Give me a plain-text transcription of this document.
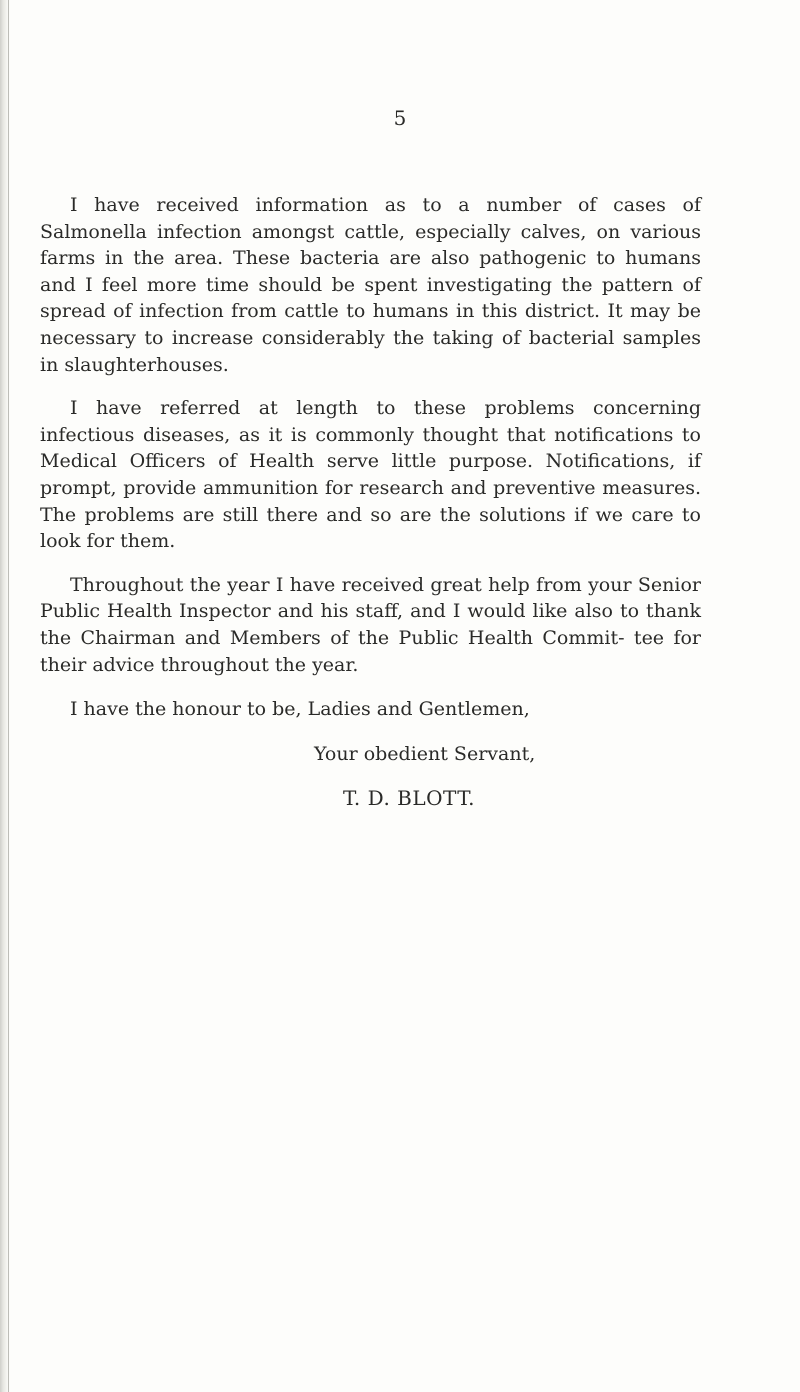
5

I have received information as to a number of cases of Salmonella infection amongst cattle, especially calves, on various farms in the area. These bacteria are also pathogenic to humans and I feel more time should be spent investigating the pattern of spread of infection from cattle to humans in this district. It may be necessary to increase considerably the taking of bacterial samples in slaughterhouses.

I have referred at length to these problems concerning infectious diseases, as it is commonly thought that notifications to Medical Officers of Health serve little purpose. Notifications, if prompt, provide ammunition for research and preventive measures. The problems are still there and so are the solutions if we care to look for them.

Throughout the year I have received great help from your Senior Public Health Inspector and his staff, and I would like also to thank the Chairman and Members of the Public Health Commit- tee for their advice throughout the year.

I have the honour to be, Ladies and Gentlemen,

Your obedient Servant,

T. D. BLOTT.
